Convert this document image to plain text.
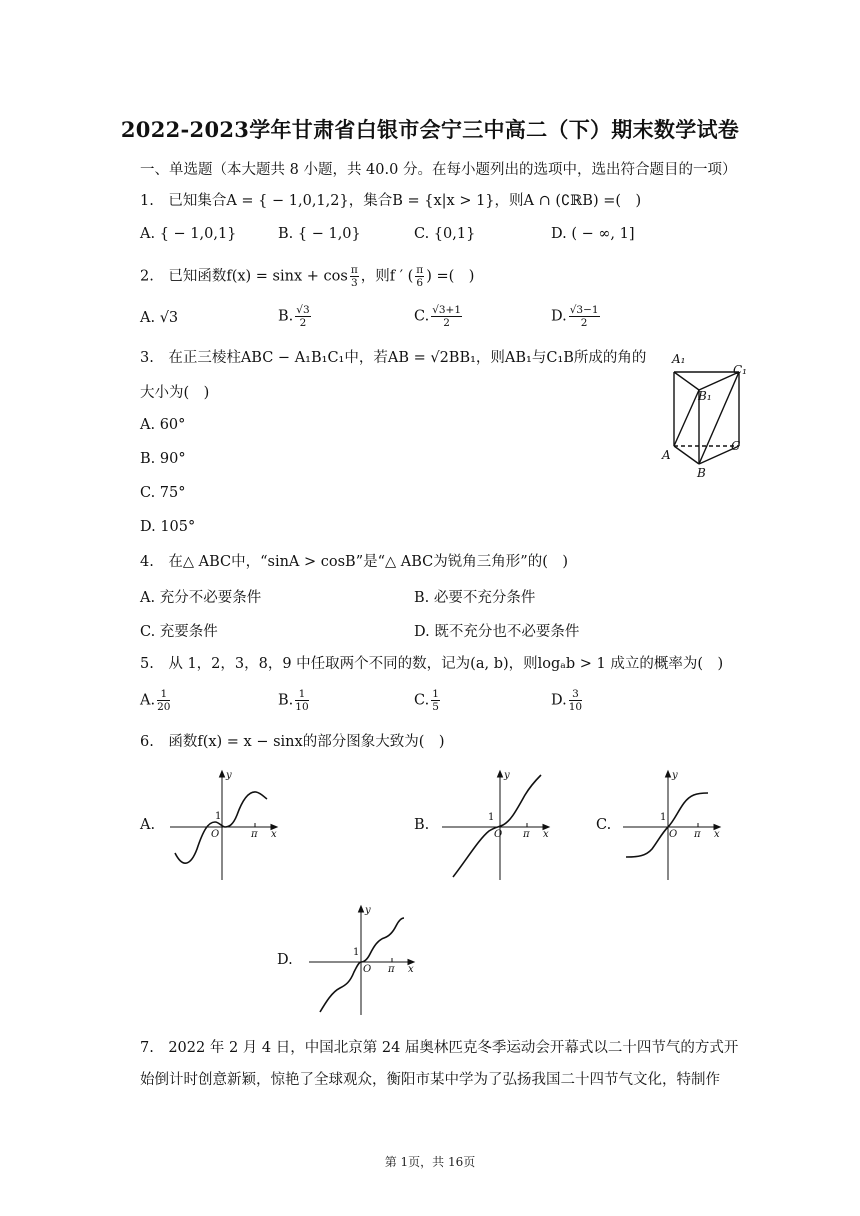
2022-2023学年甘肃省白银市会宁三中高二（下）期末数学试卷
一、单选题（本大题共 8 小题，共 40.0 分。在每小题列出的选项中，选出符合题目的一项）
1.　已知集合A = { − 1,0,1,2}，集合B = {x|x > 1}，则A ∩ (∁ℝB) =(　)
A. { − 1,0,1}	B. { − 1,0}	C. {0,1}	D. ( − ∞, 1]
2.　已知函数$f(x) = \sin x + \cos \frac{\pi}{3}$ ，则f ′ ( $\frac{\pi}{6}$ ) =(　)
A. √3	B. $\frac{√3}{2}$	C. $\frac{√3+1}{2}$	D. $\frac{√3-1}{2}$
3.　在正三棱柱ABC − A₁B₁C₁中，若AB = √2BB₁，则AB₁与C₁B所成的角的
大小为(　)
A. 60°
B. 90°
C. 75°
D. 105°
A₁
C₁
B₁
A
B
C
4.　在△ ABC中，“sinA > cosB”是“△ ABC为锐角三角形”的(　)
A. 充分不必要条件	B. 必要不充分条件
C. 充要条件	D. 既不充分也不必要条件
5.　从 1，2，3，8，9 中任取两个不同的数，记为(a, b)，则logₐb > 1 成立的概率为(　)
A. $\frac{1}{20}$	B. $\frac{1}{10}$	C. $\frac{1}{5}$	D. $\frac{3}{10}$
6.　函数f(x) = x − sinx的部分图象大致为(　)
A.
y
x
O
1
π
B.
y
x
O
1
π
C.
y
x
O
1
π
D.
y
x
O
1
π
7.　2022 年 2 月 4 日，中国北京第 24 届奥林匹克冬季运动会开幕式以二十四节气的方式开
始倒计时创意新颖，惊艳了全球观众，衡阳市某中学为了弘扬我国二十四节气文化，特制作
第 1页，共 16页
